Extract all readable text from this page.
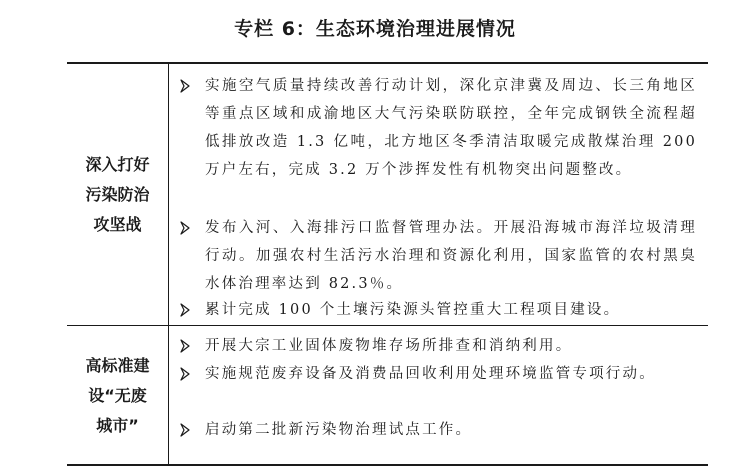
专栏 6：生态环境治理进展情况
深入打好污染防治攻坚战
实施空气质量持续改善行动计划，深化京津冀及周边、长三角地区等重点区域和成渝地区大气污染联防联控，全年完成钢铁全流程超低排放改造 1.3 亿吨，北方地区冬季清洁取暖完成散煤治理 200 万户左右，完成 3.2 万个涉挥发性有机物突出问题整改。
发布入河、入海排污口监督管理办法。开展沿海城市海洋垃圾清理行动。加强农村生活污水治理和资源化利用，国家监管的农村黑臭水体治理率达到 82.3％。
累计完成 100 个土壤污染源头管控重大工程项目建设。
高标准建设“无废城市”
开展大宗工业固体废物堆存场所排查和消纳利用。
实施规范废弃设备及消费品回收利用处理环境监管专项行动。
启动第二批新污染物治理试点工作。
